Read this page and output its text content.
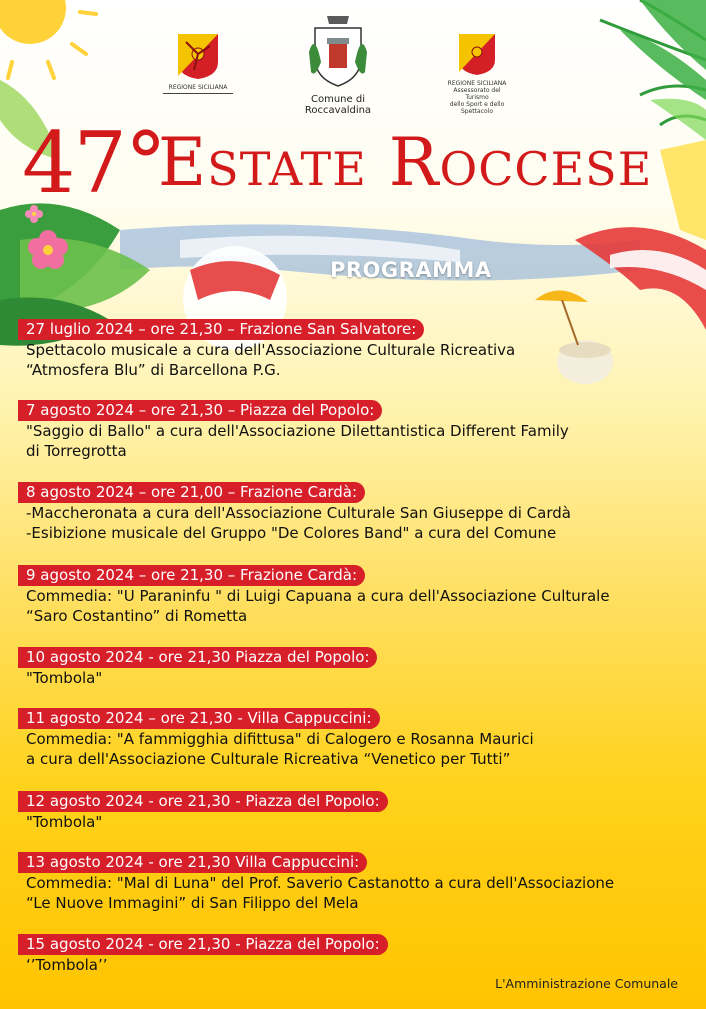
REGIONE SICILIANA
Comune di Roccavaldina
REGIONE SICILIANA
Assessorato del Turismo
dello Sport e dello Spettacolo
47°
Estate Roccese
PROGRAMMA
27 luglio 2024 – ore 21,30 – Frazione San Salvatore:
Spettacolo musicale a cura dell'Associazione Culturale Ricreativa
“Atmosfera Blu” di Barcellona P.G.
7 agosto 2024 – ore 21,30 – Piazza del Popolo:
"Saggio di Ballo" a cura dell'Associazione Dilettantistica Different Family
di Torregrotta
8 agosto 2024 – ore 21,00 – Frazione Cardà:
-Maccheronata a cura dell'Associazione Culturale San Giuseppe di Cardà
-Esibizione musicale del Gruppo "De Colores Band" a cura del Comune
9 agosto 2024 – ore 21,30 – Frazione Cardà:
Commedia: "U Paraninfu " di Luigi Capuana a cura dell'Associazione Culturale
“Saro Costantino” di Rometta
10 agosto 2024 - ore 21,30 Piazza del Popolo:
"Tombola"
11 agosto 2024 – ore 21,30 - Villa Cappuccini:
Commedia: "A fammigghia difittusa" di Calogero e Rosanna Maurici
a cura dell'Associazione Culturale Ricreativa “Venetico per Tutti”
12 agosto 2024 - ore 21,30 - Piazza del Popolo:
"Tombola"
13 agosto 2024 - ore 21,30 Villa Cappuccini:
Commedia: "Mal di Luna" del Prof. Saverio Castanotto a cura dell'Associazione
“Le Nuove Immagini” di San Filippo del Mela
15 agosto 2024 - ore 21,30 - Piazza del Popolo:
‘’Tombola’’
L'Amministrazione Comunale
